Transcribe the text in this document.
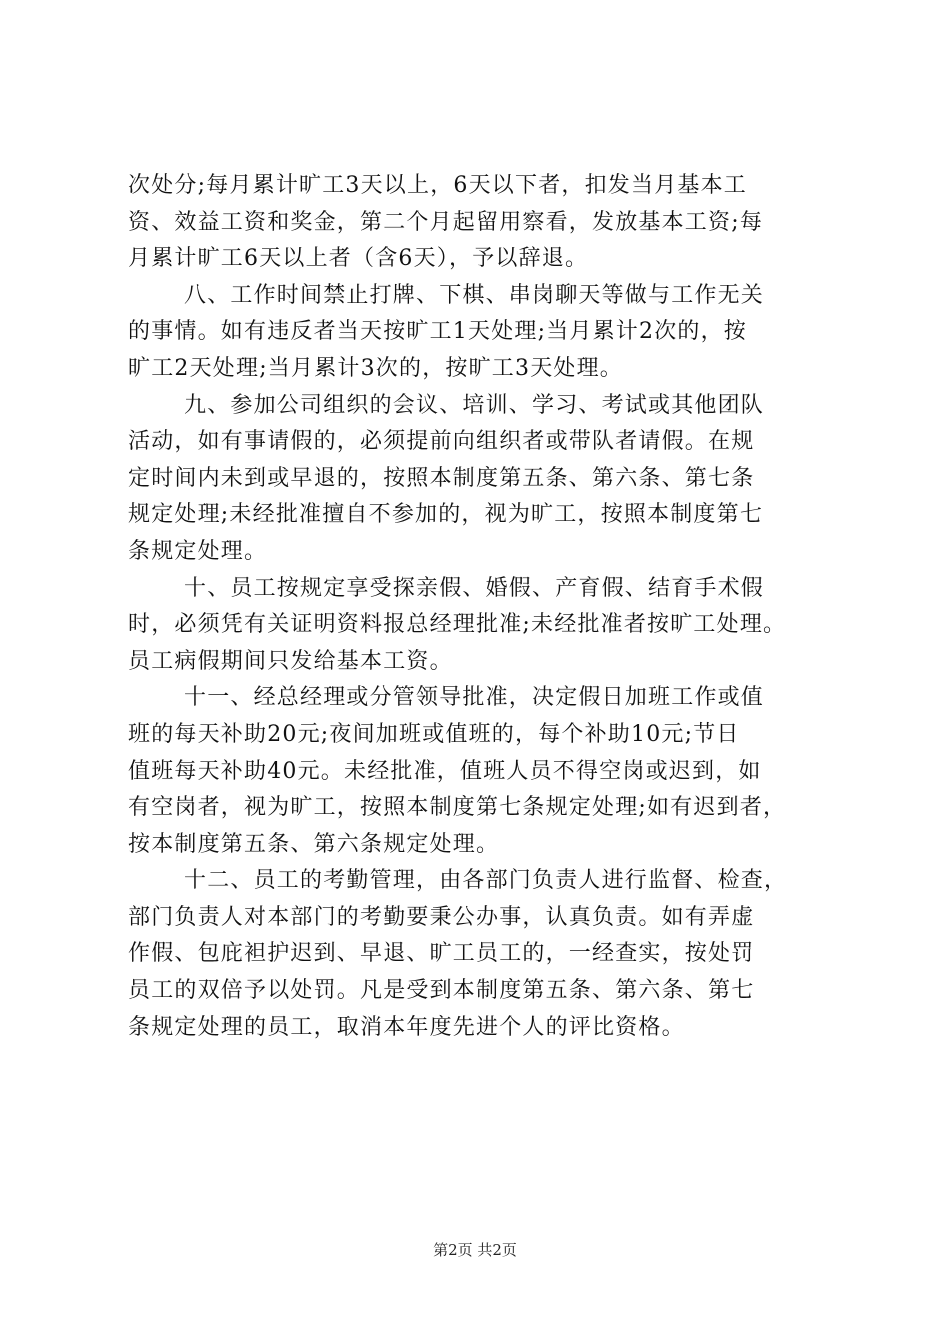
次处分;每月累计旷工3天以上，6天以下者，扣发当月基本工
资、效益工资和奖金，第二个月起留用察看，发放基本工资;每
月累计旷工6天以上者（含6天），予以辞退。
八、工作时间禁止打牌、下棋、串岗聊天等做与工作无关
的事情。如有违反者当天按旷工1天处理;当月累计2次的，按
旷工2天处理;当月累计3次的，按旷工3天处理。
九、参加公司组织的会议、培训、学习、考试或其他团队
活动，如有事请假的，必须提前向组织者或带队者请假。在规
定时间内未到或早退的，按照本制度第五条、第六条、第七条
规定处理;未经批准擅自不参加的，视为旷工，按照本制度第七
条规定处理。
十、员工按规定享受探亲假、婚假、产育假、结育手术假
时，必须凭有关证明资料报总经理批准;未经批准者按旷工处理。
员工病假期间只发给基本工资。
十一、经总经理或分管领导批准，决定假日加班工作或值
班的每天补助20元;夜间加班或值班的，每个补助10元;节日
值班每天补助40元。未经批准，值班人员不得空岗或迟到，如
有空岗者，视为旷工，按照本制度第七条规定处理;如有迟到者，
按本制度第五条、第六条规定处理。
十二、员工的考勤管理，由各部门负责人进行监督、检查，
部门负责人对本部门的考勤要秉公办事，认真负责。如有弄虚
作假、包庇袒护迟到、早退、旷工员工的，一经查实，按处罚
员工的双倍予以处罚。凡是受到本制度第五条、第六条、第七
条规定处理的员工，取消本年度先进个人的评比资格。
第2页 共2页
